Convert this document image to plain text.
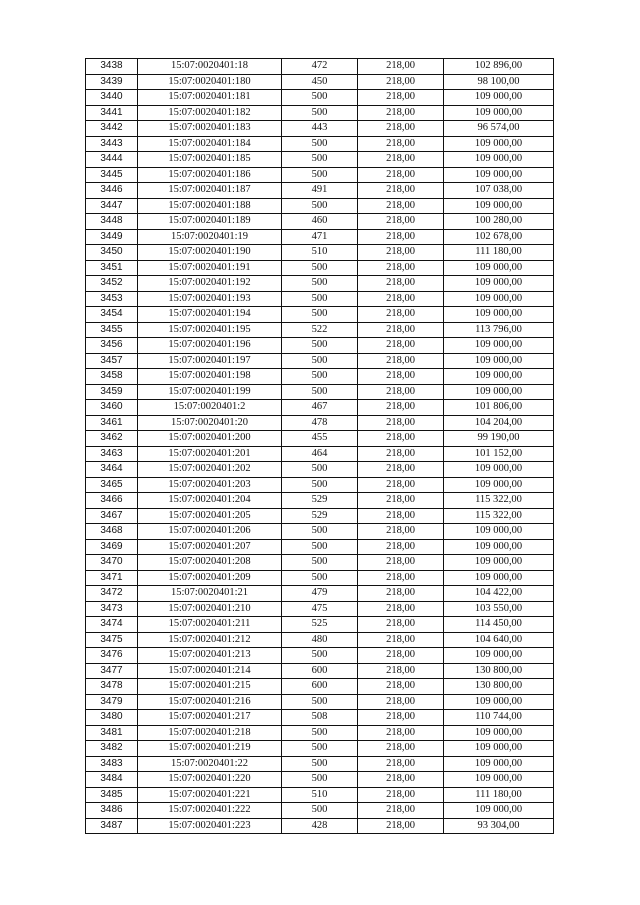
3438	15:07:0020401:18	472	218,00	102 896,00
3439	15:07:0020401:180	450	218,00	98 100,00
3440	15:07:0020401:181	500	218,00	109 000,00
3441	15:07:0020401:182	500	218,00	109 000,00
3442	15:07:0020401:183	443	218,00	96 574,00
3443	15:07:0020401:184	500	218,00	109 000,00
3444	15:07:0020401:185	500	218,00	109 000,00
3445	15:07:0020401:186	500	218,00	109 000,00
3446	15:07:0020401:187	491	218,00	107 038,00
3447	15:07:0020401:188	500	218,00	109 000,00
3448	15:07:0020401:189	460	218,00	100 280,00
3449	15:07:0020401:19	471	218,00	102 678,00
3450	15:07:0020401:190	510	218,00	111 180,00
3451	15:07:0020401:191	500	218,00	109 000,00
3452	15:07:0020401:192	500	218,00	109 000,00
3453	15:07:0020401:193	500	218,00	109 000,00
3454	15:07:0020401:194	500	218,00	109 000,00
3455	15:07:0020401:195	522	218,00	113 796,00
3456	15:07:0020401:196	500	218,00	109 000,00
3457	15:07:0020401:197	500	218,00	109 000,00
3458	15:07:0020401:198	500	218,00	109 000,00
3459	15:07:0020401:199	500	218,00	109 000,00
3460	15:07:0020401:2	467	218,00	101 806,00
3461	15:07:0020401:20	478	218,00	104 204,00
3462	15:07:0020401:200	455	218,00	99 190,00
3463	15:07:0020401:201	464	218,00	101 152,00
3464	15:07:0020401:202	500	218,00	109 000,00
3465	15:07:0020401:203	500	218,00	109 000,00
3466	15:07:0020401:204	529	218,00	115 322,00
3467	15:07:0020401:205	529	218,00	115 322,00
3468	15:07:0020401:206	500	218,00	109 000,00
3469	15:07:0020401:207	500	218,00	109 000,00
3470	15:07:0020401:208	500	218,00	109 000,00
3471	15:07:0020401:209	500	218,00	109 000,00
3472	15:07:0020401:21	479	218,00	104 422,00
3473	15:07:0020401:210	475	218,00	103 550,00
3474	15:07:0020401:211	525	218,00	114 450,00
3475	15:07:0020401:212	480	218,00	104 640,00
3476	15:07:0020401:213	500	218,00	109 000,00
3477	15:07:0020401:214	600	218,00	130 800,00
3478	15:07:0020401:215	600	218,00	130 800,00
3479	15:07:0020401:216	500	218,00	109 000,00
3480	15:07:0020401:217	508	218,00	110 744,00
3481	15:07:0020401:218	500	218,00	109 000,00
3482	15:07:0020401:219	500	218,00	109 000,00
3483	15:07:0020401:22	500	218,00	109 000,00
3484	15:07:0020401:220	500	218,00	109 000,00
3485	15:07:0020401:221	510	218,00	111 180,00
3486	15:07:0020401:222	500	218,00	109 000,00
3487	15:07:0020401:223	428	218,00	93 304,00
